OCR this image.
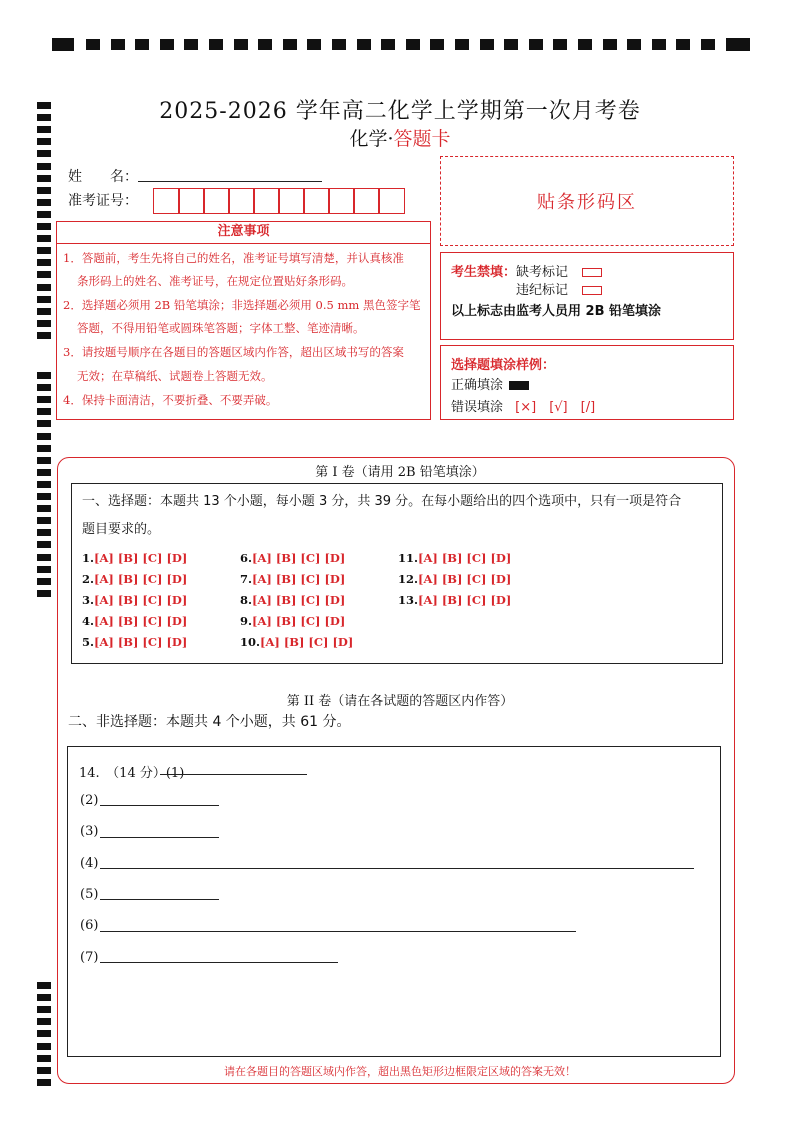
2025-2026 学年高二化学上学期第一次月考卷
化学·答题卡
姓　　名：
准考证号：	贴条形码区
注意事项
1．答题前，考生先将自己的姓名，准考证号填写清楚，并认真核准
条形码上的姓名、准考证号，在规定位置贴好条形码。
2．选择题必须用 2B 铅笔填涂；非选择题必须用 0.5 mm 黑色签字笔
答题，不得用铅笔或圆珠笔答题；字体工整、笔迹清晰。
3．请按题号顺序在各题目的答题区域内作答，超出区域书写的答案
无效；在草稿纸、试题卷上答题无效。
4．保持卡面清洁，不要折叠、不要弄破。
考生禁填： 缺考标记
违纪标记
以上标志由监考人员用 2B 铅笔填涂
选择题填涂样例：
正确填涂
错误填涂 [×]　[√]　[/]
第 I 卷（请用 2B 铅笔填涂）
一、选择题：本题共 13 个小题，每小题 3 分，共 39 分。在每小题给出的四个选项中，只有一项是符合
题目要求的。
1.[A] [B] [C] [D]
2.[A] [B] [C] [D]
3.[A] [B] [C] [D]
4.[A] [B] [C] [D]
5.[A] [B] [C] [D]
6.[A] [B] [C] [D]
7.[A] [B] [C] [D]
8.[A] [B] [C] [D]
9.[A] [B] [C] [D]
10.[A] [B] [C] [D]
11.[A] [B] [C] [D]
12.[A] [B] [C] [D]
13.[A] [B] [C] [D]
第 II 卷（请在各试题的答题区内作答）
二、非选择题：本题共 4 个小题，共 61 分。
14.　（14 分）(1)
(2)
(3)
(4)
(5)
(6)
(7)
请在各题目的答题区域内作答，超出黑色矩形边框限定区域的答案无效！
